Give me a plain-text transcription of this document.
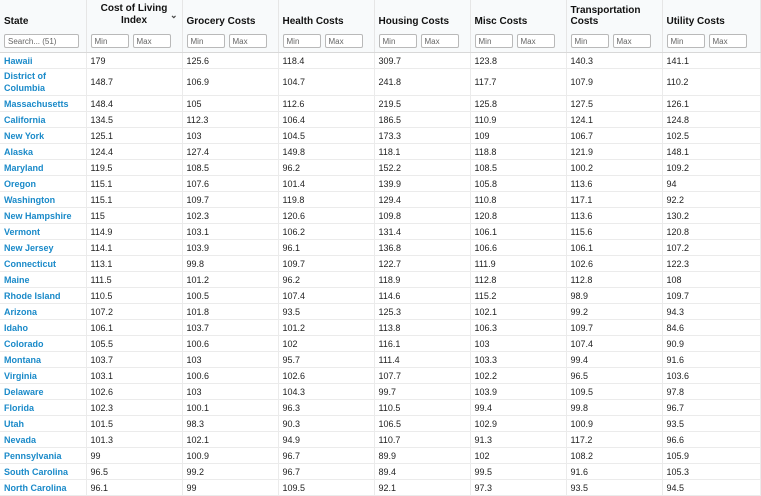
State	Cost of Living Index ⌄	Grocery Costs	Health Costs	Housing Costs	Misc Costs	Transportation Costs	Utility Costs
Search... (51)	
Min
Max

Min
Max

Min
Max

Min
Max

Min
Max

Min
Max

Min
Max

Hawaii	179	125.6	118.4	309.7	123.8	140.3	141.1
District of Columbia	148.7	106.9	104.7	241.8	117.7	107.9	110.2
Massachusetts	148.4	105	112.6	219.5	125.8	127.5	126.1
California	134.5	112.3	106.4	186.5	110.9	124.1	124.8
New York	125.1	103	104.5	173.3	109	106.7	102.5
Alaska	124.4	127.4	149.8	118.1	118.8	121.9	148.1
Maryland	119.5	108.5	96.2	152.2	108.5	100.2	109.2
Oregon	115.1	107.6	101.4	139.9	105.8	113.6	94
Washington	115.1	109.7	119.8	129.4	110.8	117.1	92.2
New Hampshire	115	102.3	120.6	109.8	120.8	113.6	130.2
Vermont	114.9	103.1	106.2	131.4	106.1	115.6	120.8
New Jersey	114.1	103.9	96.1	136.8	106.6	106.1	107.2
Connecticut	113.1	99.8	109.7	122.7	111.9	102.6	122.3
Maine	111.5	101.2	96.2	118.9	112.8	112.8	108
Rhode Island	110.5	100.5	107.4	114.6	115.2	98.9	109.7
Arizona	107.2	101.8	93.5	125.3	102.1	99.2	94.3
Idaho	106.1	103.7	101.2	113.8	106.3	109.7	84.6
Colorado	105.5	100.6	102	116.1	103	107.4	90.9
Montana	103.7	103	95.7	111.4	103.3	99.4	91.6
Virginia	103.1	100.6	102.6	107.7	102.2	96.5	103.6
Delaware	102.6	103	104.3	99.7	103.9	109.5	97.8
Florida	102.3	100.1	96.3	110.5	99.4	99.8	96.7
Utah	101.5	98.3	90.3	106.5	102.9	100.9	93.5
Nevada	101.3	102.1	94.9	110.7	91.3	117.2	96.6
Pennsylvania	99	100.9	96.7	89.9	102	108.2	105.9
South Carolina	96.5	99.2	96.7	89.4	99.5	91.6	105.3
North Carolina	96.1	99	109.5	92.1	97.3	93.5	94.5
